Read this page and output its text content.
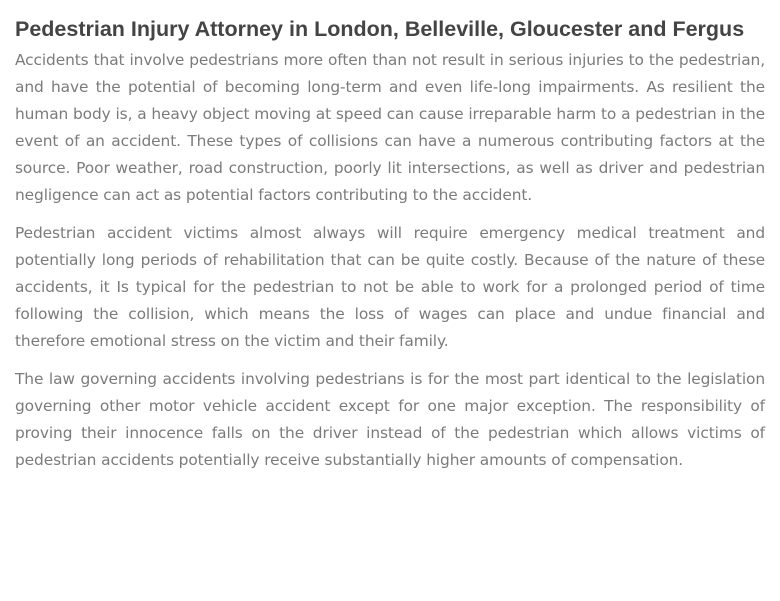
Pedestrian Injury Attorney in London, Belleville, Gloucester and Fergus

Accidents that involve pedestrians more often than not result in serious injuries to the pedestrian, and have the potential of becoming long-term and even life-long impairments. As resilient the human body is, a heavy object moving at speed can cause irreparable harm to a pedestrian in the event of an accident. These types of collisions can have a numerous contributing factors at the source. Poor weather, road construction, poorly lit intersections, as well as driver and pedestrian negligence can act as potential factors contributing to the accident.

Pedestrian accident victims almost always will require emergency medical treatment and potentially long periods of rehabilitation that can be quite costly. Because of the nature of these accidents, it Is typical for the pedestrian to not be able to work for a prolonged period of time following the collision, which means the loss of wages can place and undue financial and therefore emotional stress on the victim and their family.

The law governing accidents involving pedestrians is for the most part identical to the legislation governing other motor vehicle accident except for one major exception. The responsibility of proving their innocence falls on the driver instead of the pedestrian which allows victims of pedestrian accidents potentially receive substantially higher amounts of compensation.
